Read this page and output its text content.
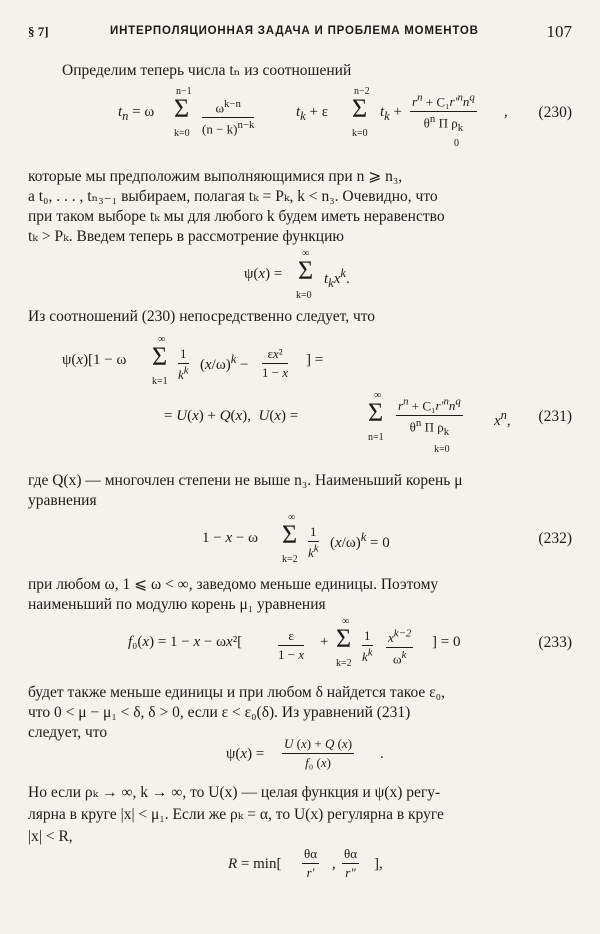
§ 7]	ИНТЕРПОЛЯЦИОННАЯ ЗАДАЧА И ПРОБЛЕМА МОМЕНТОВ	107
Определим теперь числа tₙ из соотношений
$t_n = \omega$
n−1
Σ
$k=0 \frac{\omega^{k-n}}{(n - k)^{n-k}}$	$t_k + \varepsilon$
n−2
Σ
k=0
$t_k$ +
$r^n + C_1r'^nn^q$
$\theta^n$ Π $\rho_k$
0
, (230)
которые мы предположим выполняющимися при n ⩾ n₃,
а t₀, . . . , tₙ₃₋₁ выбираем, полагая tₖ = Pₖ, k < n₃. Очевидно, что
при таком выборе tₖ мы для любого k будем иметь неравенство
tₖ > Pₖ. Введем теперь в рассмотрение функцию
ψ(x) =
∞
Σ
k=0
$t_kx^k$.
Из соотношений (230) непосредственно следует, что
ψ(x)[1 − ω
∞
Σ
$k=1 \frac{1}{k^k} (x/\omega)^k - \frac{\text{εx²}}{1 - x}$ ] =
= U(x) + Q(x),  U(x) =
∞
Σ
n=1
$r^n + C_1r'^nn^q$
$\theta^n$ Π $\rho_k$
k=0
$x^n$, (231)
где Q(x) — многочлен степени не выше n₃. Наименьший корень μ
уравнения
1 − x − ω
∞
Σ
$k=2 \frac{1}{k^k} (x/\omega)^k = 0$	(232)
при любом ω, 1 ⩽ ω < ∞, заведомо меньше единицы. Поэтому
наименьший по модулю корень μ₁ уравнения
f₀(x) = 1 − x − ωx²[	$\frac{\varepsilon}{1 - x}$ +
∞
Σ
$k=2 \frac{1}{k^k} \frac{x^{k-2}}{\omega^k}$ ] = 0	(233)
будет также меньше единицы и при любом δ найдется такое ε₀,
что 0 < μ − μ₁ < δ, δ > 0, если ε < ε₀(δ). Из уравнений (231)
следует, что
$\psi(x) = \frac{U (x) + Q (x)}{\text{f₀ (x)}}$ .
Но если ρₖ → ∞, k → ∞, то U(x) — целая функция и ψ(x) регу-
лярна в круге |x| < μ₁. Если же ρₖ = α, то U(x) регулярна в круге
|x| < R,
$R = \min[ \frac{\theta\alpha}{r'}$ , $\frac{\theta\alpha}{r''}$ ],
